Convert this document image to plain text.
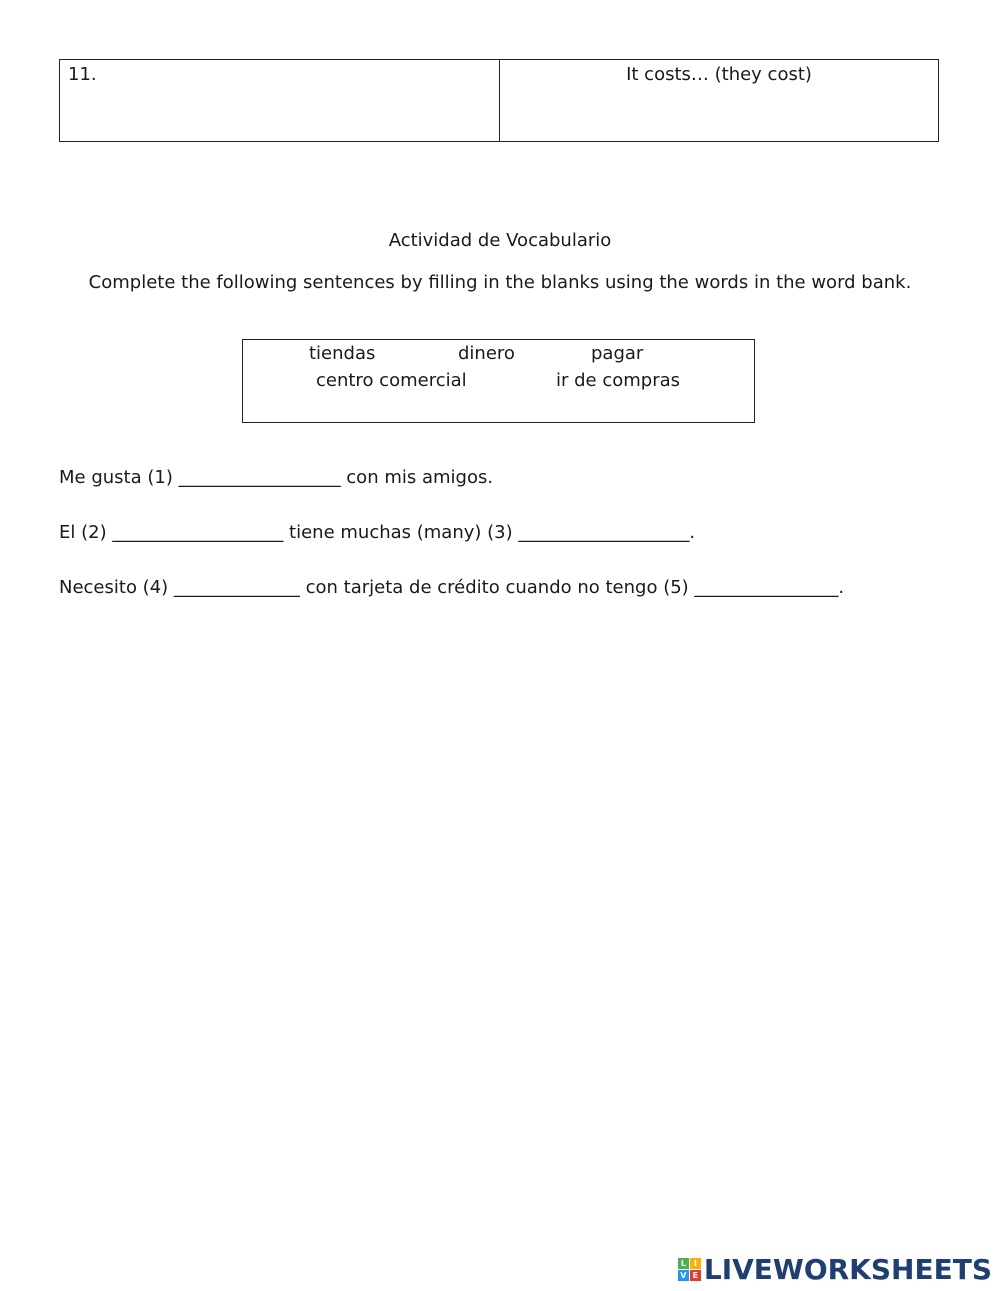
11.	It costs… (they cost)
Actividad de Vocabulario
Complete the following sentences by filling in the blanks using the words in the word bank.
tiendas	dinero	pagar
centro comercial	ir de compras
Me gusta (1) __________________ con mis amigos.
El (2) ___________________ tiene muchas (many) (3) ___________________.
Necesito (4) ______________ con tarjeta de crédito cuando no tengo (5) ________________.
L I
V E LIVEWORKSHEETS
